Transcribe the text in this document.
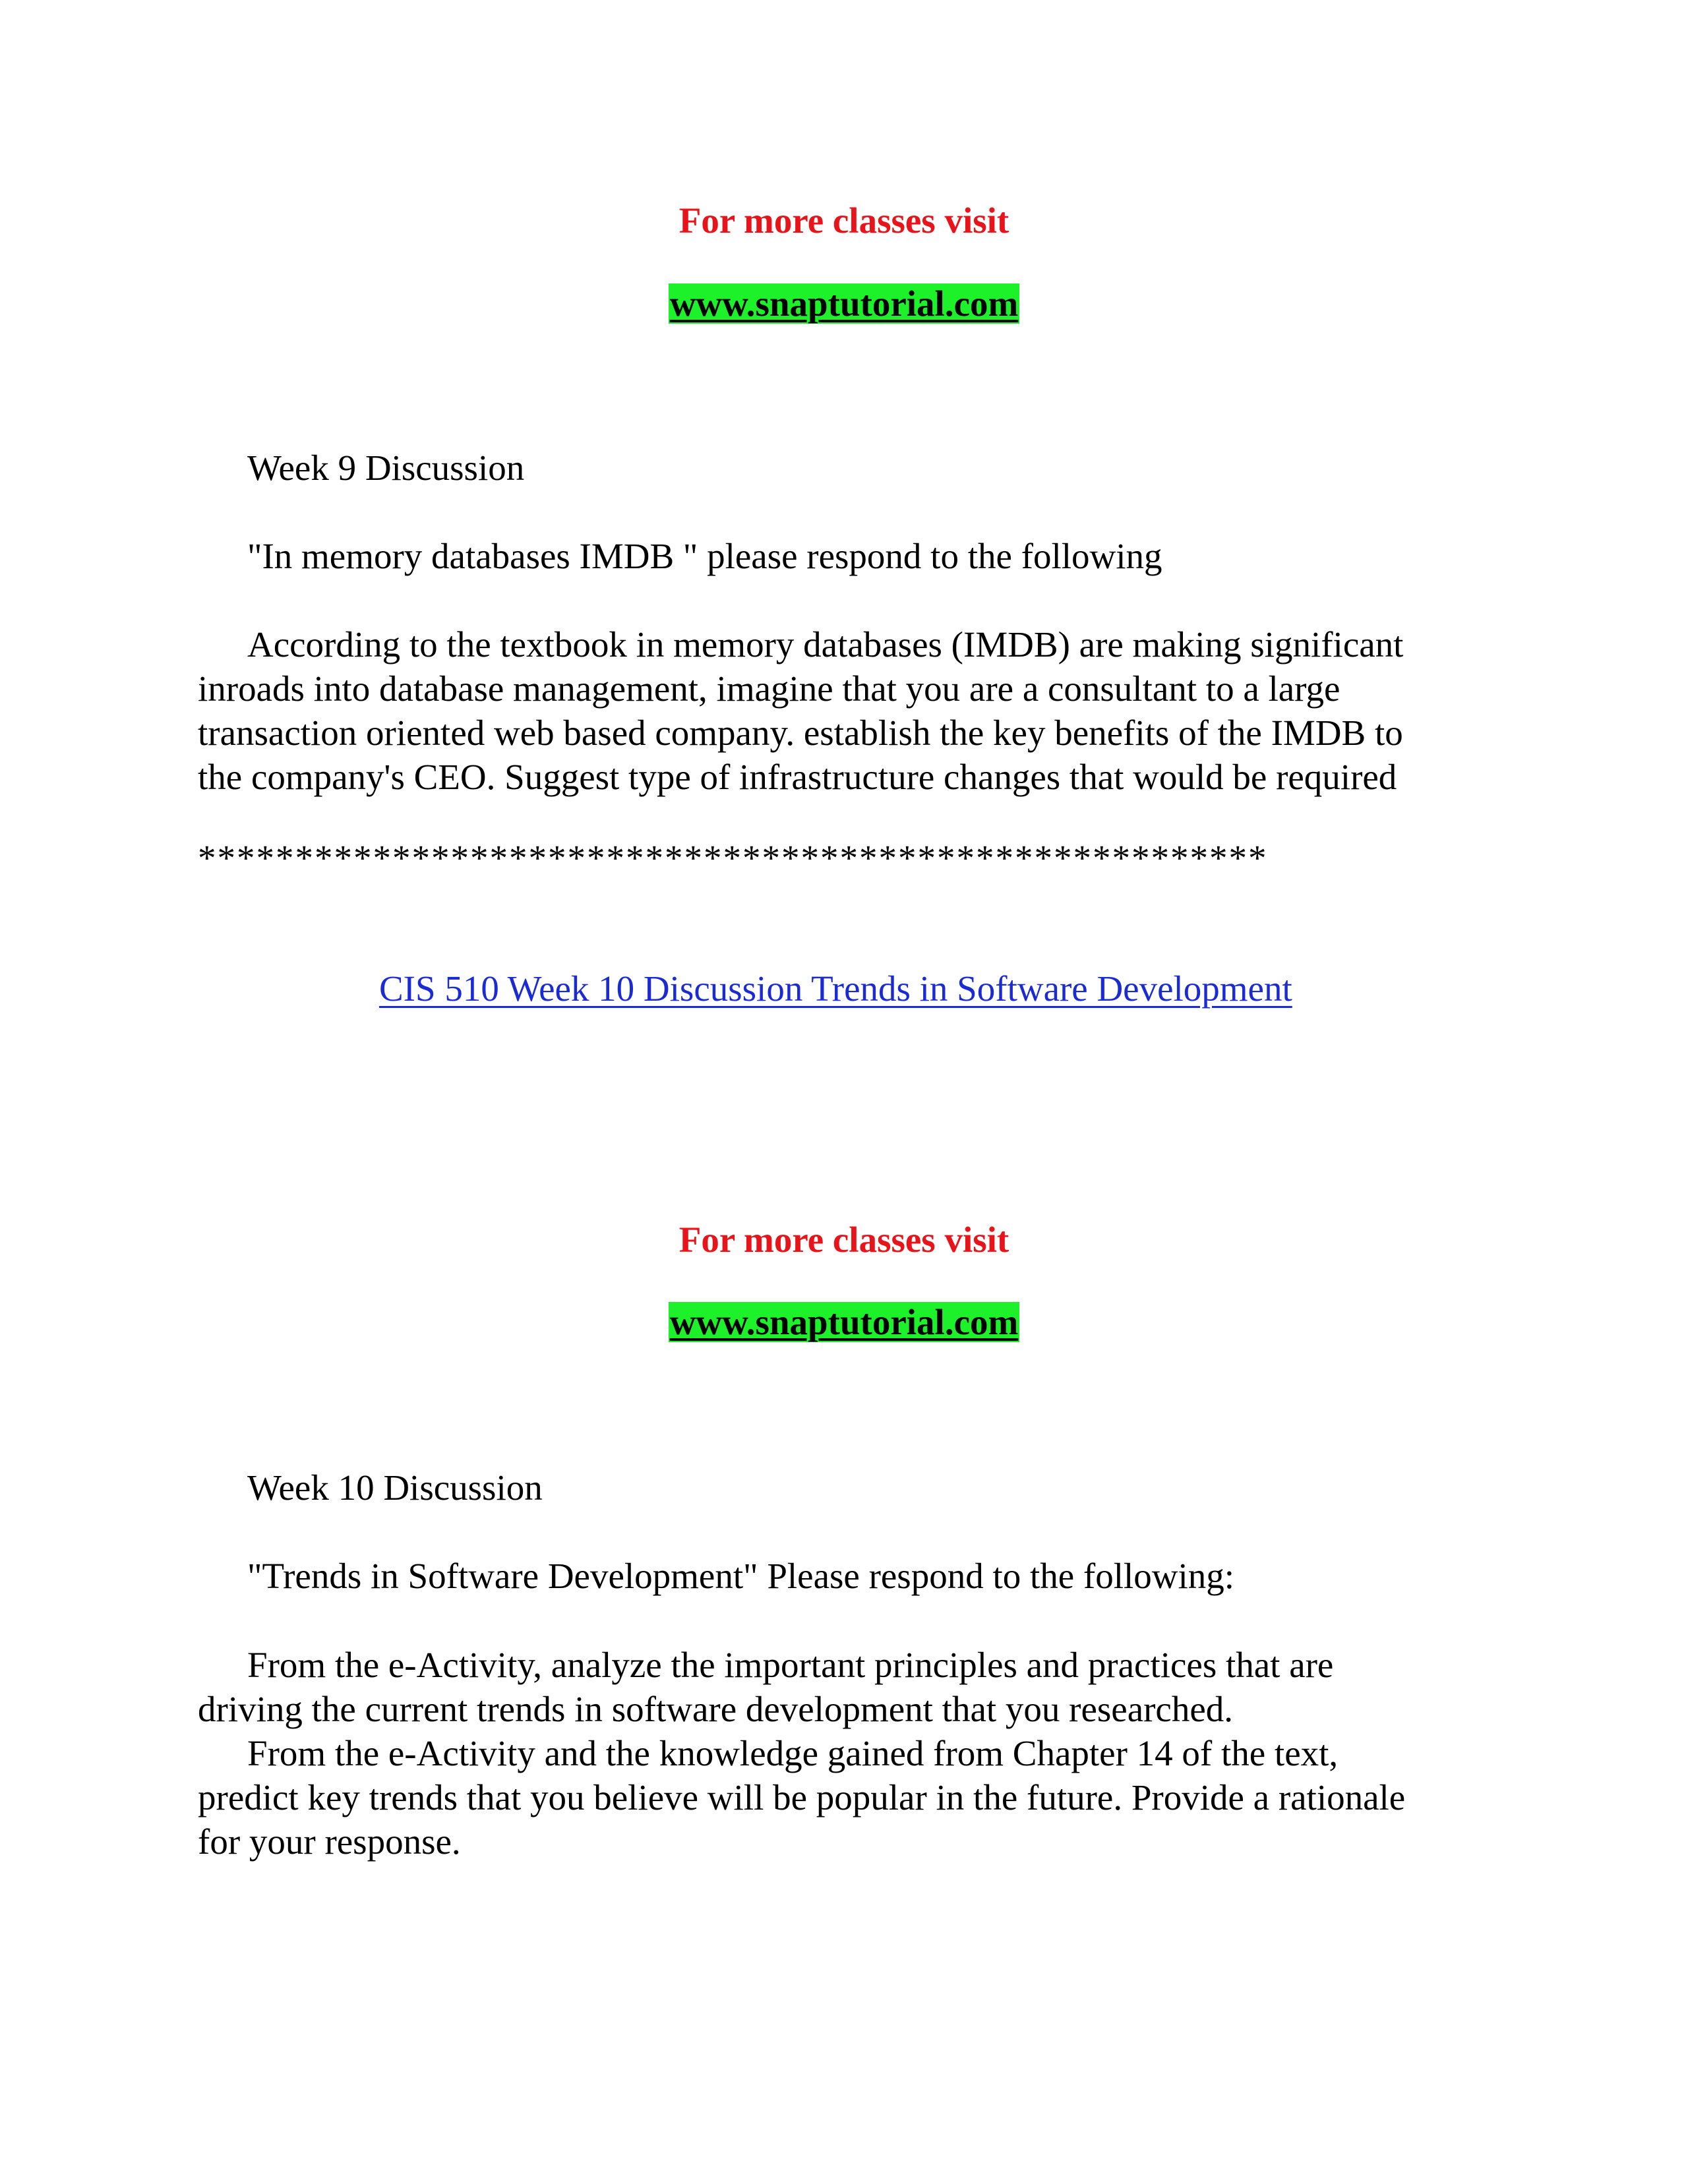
For more classes visit
www.snaptutorial.com
Week 9 Discussion
"In memory databases IMDB " please respond to the following
According to the textbook in memory databases (IMDB) are making significant
inroads into database management, imagine that you are a consultant to a large
transaction oriented web based company. establish the key benefits of the IMDB to
the company's CEO. Suggest type of infrastructure changes that would be required
*******************************************************
CIS 510 Week 10 Discussion Trends in Software Development
For more classes visit
www.snaptutorial.com
Week 10 Discussion
"Trends in Software Development" Please respond to the following:
From the e-Activity, analyze the important principles and practices that are
driving the current trends in software development that you researched.
From the e-Activity and the knowledge gained from Chapter 14 of the text,
predict key trends that you believe will be popular in the future. Provide a rationale
for your response.
